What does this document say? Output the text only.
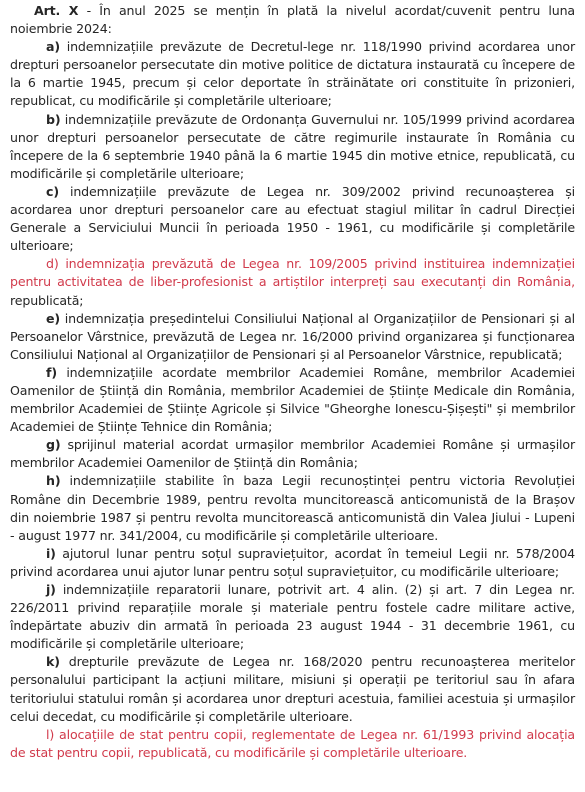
Art. X - În anul 2025 se mențin în plată la nivelul acordat/cuvenit pentru luna noiembrie 2024:

a) indemnizațiile prevăzute de Decretul-lege nr. 118/1990 privind acordarea unor drepturi persoanelor persecutate din motive politice de dictatura instaurată cu începere de la 6 martie 1945, precum și celor deportate în străinătate ori constituite în prizonieri, republicat, cu modificările și completările ulterioare;

b) indemnizațiile prevăzute de Ordonanța Guvernului nr. 105/1999 privind acordarea unor drepturi persoanelor persecutate de către regimurile instaurate în România cu începere de la 6 septembrie 1940 până la 6 martie 1945 din motive etnice, republicată, cu modificările și completările ulterioare;

c) indemnizațiile prevăzute de Legea nr. 309/2002 privind recunoașterea și acordarea unor drepturi persoanelor care au efectuat stagiul militar în cadrul Direcției Generale a Serviciului Muncii în perioada 1950 - 1961, cu modificările și completările ulterioare;

d) indemnizația prevăzută de Legea nr. 109/2005 privind instituirea indemnizației pentru activitatea de liber-profesionist a artiștilor interpreți sau executanți din România, republicată;

e) indemnizația președintelui Consiliului Național al Organizațiilor de Pensionari și al Persoanelor Vârstnice, prevăzută de Legea nr. 16/2000 privind organizarea și funcționarea Consiliului Național al Organizațiilor de Pensionari și al Persoanelor Vârstnice, republicată;

f) indemnizațiile acordate membrilor Academiei Române, membrilor Academiei Oamenilor de Știință din România, membrilor Academiei de Științe Medicale din România, membrilor Academiei de Științe Agricole și Silvice "Gheorghe Ionescu-Șișești" și membrilor Academiei de Științe Tehnice din România;

g) sprijinul material acordat urmașilor membrilor Academiei Române și urmașilor membrilor Academiei Oamenilor de Știință din România;

h) indemnizațiile stabilite în baza Legii recunoștinței pentru victoria Revoluției Române din Decembrie 1989, pentru revolta muncitorească anticomunistă de la Brașov din noiembrie 1987 și pentru revolta muncitorească anticomunistă din Valea Jiului - Lupeni - august 1977 nr. 341/2004, cu modificările și completările ulterioare.

i) ajutorul lunar pentru soțul supraviețuitor, acordat în temeiul Legii nr. 578/2004 privind acordarea unui ajutor lunar pentru soțul supraviețuitor, cu modificările ulterioare;

j) indemnizațiile reparatorii lunare, potrivit art. 4 alin. (2) și art. 7 din Legea nr. 226/2011 privind reparațiile morale și materiale pentru fostele cadre militare active, îndepărtate abuziv din armată în perioada 23 august 1944 - 31 decembrie 1961, cu modificările și completările ulterioare;

k) drepturile prevăzute de Legea nr. 168/2020 pentru recunoașterea meritelor personalului participant la acțiuni militare, misiuni și operații pe teritoriul sau în afara teritoriului statului român și acordarea unor drepturi acestuia, familiei acestuia și urmașilor celui decedat, cu modificările și completările ulterioare.

l) alocațiile de stat pentru copii, reglementate de Legea nr. 61/1993 privind alocația de stat pentru copii, republicată, cu modificările și completările ulterioare.
